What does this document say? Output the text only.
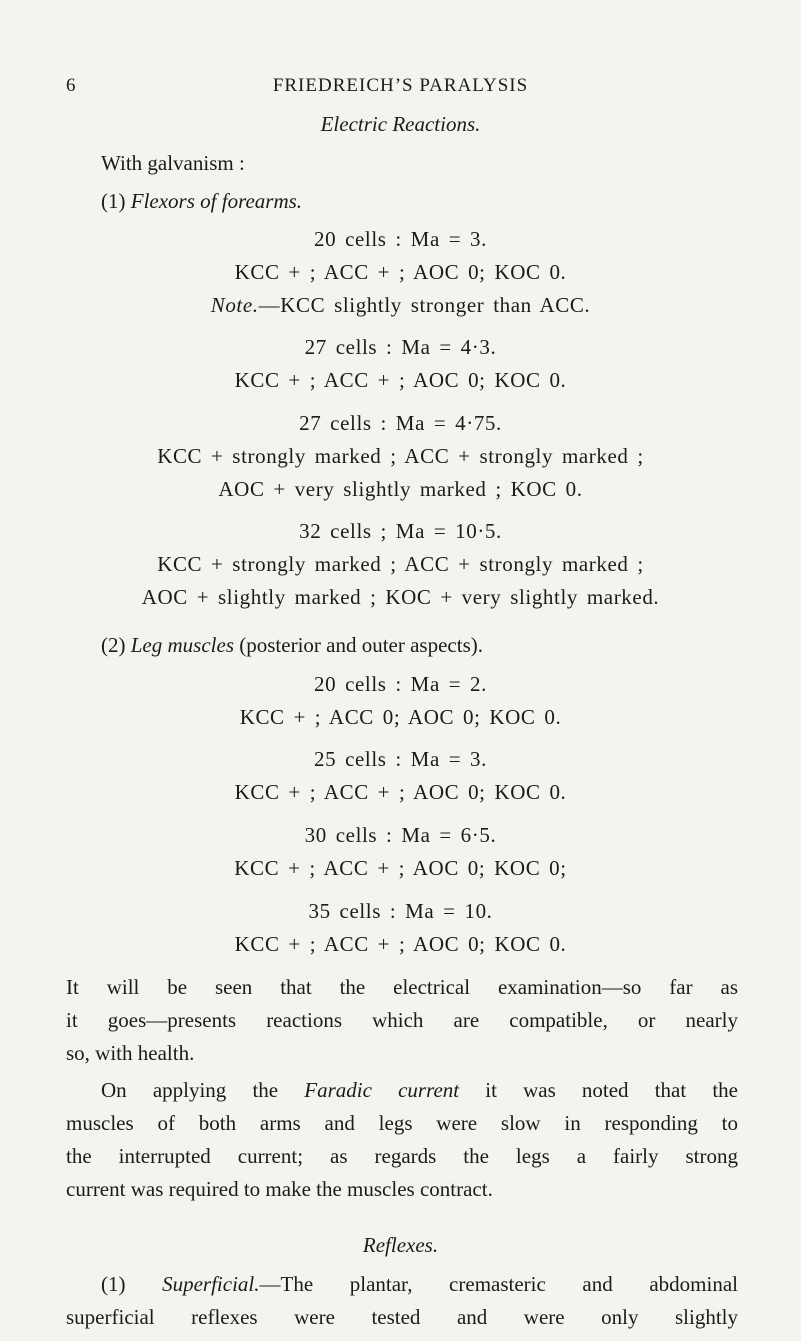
6	FRIEDREICH’S PARALYSIS
Electric Reactions.
With galvanism :
(1) Flexors of forearms.
20 cells : Ma = 3.
KCC + ; ACC + ; AOC 0; KOC 0.
Note.—KCC slightly stronger than ACC.
27 cells : Ma = 4·3.
KCC + ; ACC + ; AOC 0; KOC 0.
27 cells : Ma = 4·75.
KCC + strongly marked ; ACC + strongly marked ;
AOC + very slightly marked ; KOC 0.
32 cells ; Ma = 10·5.
KCC + strongly marked ; ACC + strongly marked ;
AOC + slightly marked ; KOC + very slightly marked.
(2) Leg muscles (posterior and outer aspects).
20 cells : Ma = 2.
KCC + ; ACC 0; AOC 0; KOC 0.
25 cells : Ma = 3.
KCC + ; ACC + ; AOC 0; KOC 0.
30 cells : Ma = 6·5.
KCC + ; ACC + ; AOC 0; KOC 0;
35 cells : Ma = 10.
KCC + ; ACC + ; AOC 0; KOC 0.
It will be seen that the electrical examination—so far as
it goes—presents reactions which are compatible, or nearly
so, with health.
On applying the Faradic current it was noted that the
muscles of both arms and legs were slow in responding to
the interrupted current; as regards the legs a fairly strong
current was required to make the muscles contract.
Reflexes.
(1) Superficial.—The plantar, cremasteric and abdominal
superficial reflexes were tested and were only slightly
